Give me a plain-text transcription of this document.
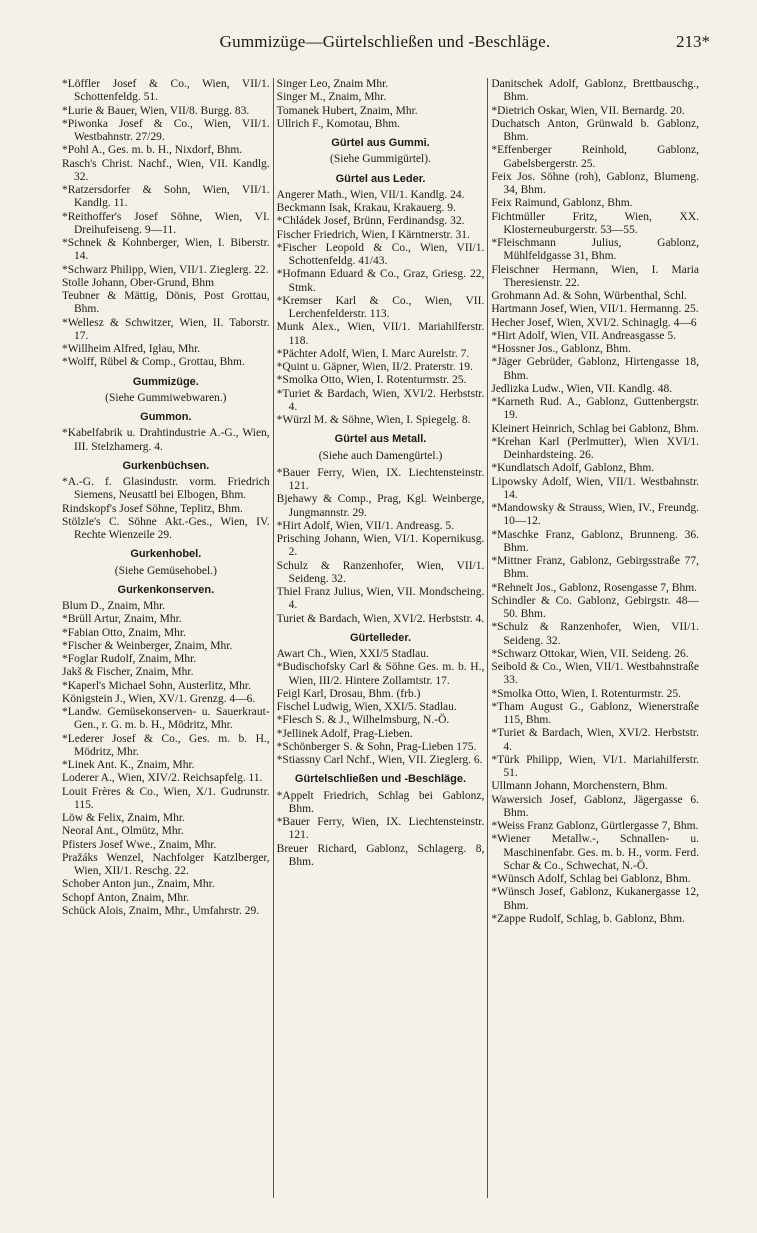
Gummizüge—Gürtelschließen und -Beschläge.	213*
*Löffler Josef & Co., Wien, VII/1. Schottenfeldg. 51.
*Lurie & Bauer, Wien, VII/8. Burgg. 83.
*Piwonka Josef & Co., Wien, VII/1. Westbahnstr. 27/29.
*Pohl A., Ges. m. b. H., Nixdorf, Bhm.
Rasch's Christ. Nachf., Wien, VII. Kandlg. 32.
*Ratzersdorfer & Sohn, Wien, VII/1. Kandlg. 11.
*Reithoffer's Josef Söhne, Wien, VI. Dreihufeiseng. 9—11.
*Schnek & Kohnberger, Wien, I. Biberstr. 14.
*Schwarz Philipp, Wien, VII/1. Zieglerg. 22.
Stolle Johann, Ober-Grund, Bhm
Teubner & Mättig, Dönis, Post Grottau, Bhm.
*Wellesz & Schwitzer, Wien, II. Taborstr. 17.
*Willheim Alfred, Iglau, Mhr.
*Wolff, Rübel & Comp., Grottau, Bhm.
Gummizüge.
(Siehe Gummiwebwaren.)
Gummon.
*Kabelfabrik u. Drahtindustrie A.-G., Wien, III. Stelzhamerg. 4.
Gurkenbüchsen.
*A.-G. f. Glasindustr. vorm. Friedrich Siemens, Neusattl bei Elbogen, Bhm.
Rindskopf's Josef Söhne, Teplitz, Bhm.
Stölzle's C. Söhne Akt.-Ges., Wien, IV. Rechte Wienzeile 29.
Gurkenhobel.
(Siehe Gemüsehobel.)
Gurkenkonserven.
Blum D., Znaim, Mhr.
*Brüll Artur, Znaim, Mhr.
*Fabian Otto, Znaim, Mhr.
*Fischer & Weinberger, Znaim, Mhr.
*Foglar Rudolf, Znaim, Mhr.
Jakš & Fischer, Znaim, Mhr.
*Kaperl's Michael Sohn, Austerlitz, Mhr.
Königstein J., Wien, XV/1. Grenzg. 4—6.
*Landw. Gemüsekonserven- u. Sauerkraut-Gen., r. G. m. b. H., Mödritz, Mhr.
*Lederer Josef & Co., Ges. m. b. H., Mödritz, Mhr.
*Linek Ant. K., Znaim, Mhr.
Loderer A., Wien, XIV/2. Reichsapfelg. 11.
Louit Frères & Co., Wien, X/1. Gudrunstr. 115.
Löw & Felix, Znaim, Mhr.
Neoral Ant., Olmütz, Mhr.
Pfisters Josef Wwe., Znaim, Mhr.
Pražáks Wenzel, Nachfolger Katzlberger, Wien, XII/1. Reschg. 22.
Schober Anton jun., Znaim, Mhr.
Schopf Anton, Znaim, Mhr.
Schück Alois, Znaim, Mhr., Umfahrstr. 29.
Singer Leo, Znaim Mhr.
Singer M., Znaim, Mhr.
Tomanek Hubert, Znaim, Mhr.
Ullrich F., Komotau, Bhm.
Gürtel aus Gummi.
(Siehe Gummigürtel).
Gürtel aus Leder.
Angerer Math., Wien, VII/1. Kandlg. 24.
Beckmann Isak, Krakau, Krakauerg. 9.
*Chládek Josef, Brünn, Ferdinandsg. 32.
Fischer Friedrich, Wien, I Kärntnerstr. 31.
*Fischer Leopold & Co., Wien, VII/1. Schottenfeldg. 41/43.
*Hofmann Eduard & Co., Graz, Griesg. 22, Stmk.
*Kremser Karl & Co., Wien, VII. Lerchenfelderstr. 113.
Munk Alex., Wien, VII/1. Mariahilferstr. 118.
*Pächter Adolf, Wien, I. Marc Aurelstr. 7.
*Quint u. Gäpner, Wien, II/2. Praterstr. 19.
*Smolka Otto, Wien, I. Rotenturmstr. 25.
*Turiet & Bardach, Wien, XVI/2. Herbststr. 4.
*Würzl M. & Söhne, Wien, I. Spiegelg. 8.
Gürtel aus Metall.
(Siehe auch Damengürtel.)
*Bauer Ferry, Wien, IX. Liechtensteinstr. 121.
Bjehawy & Comp., Prag, Kgl. Weinberge, Jungmannstr. 29.
*Hirt Adolf, Wien, VII/1. Andreasg. 5.
Prisching Johann, Wien, VI/1. Kopernikusg. 2.
Schulz & Ranzenhofer, Wien, VII/1. Seideng. 32.
Thiel Franz Julius, Wien, VII. Mondscheing. 4.
Turiet & Bardach, Wien, XVI/2. Herbststr. 4.
Gürtelleder.
Awart Ch., Wien, XXI/5 Stadlau.
*Budischofsky Carl & Söhne Ges. m. b. H., Wien, III/2. Hintere Zollamtstr. 17.
Feigl Karl, Drosau, Bhm. (frb.)
Fischel Ludwig, Wien, XXI/5. Stadlau.
*Flesch S. & J., Wilhelmsburg, N.-Ö.
*Jellinek Adolf, Prag-Lieben.
*Schönberger S. & Sohn, Prag-Lieben 175.
*Stiassny Carl Nchf., Wien, VII. Zieglerg. 6.
Gürtelschließen und -Beschläge.
*Appelt Friedrich, Schlag bei Gablonz, Bhm.
*Bauer Ferry, Wien, IX. Liechtensteinstr. 121.
Breuer Richard, Gablonz, Schlagerg. 8, Bhm.
Danitschek Adolf, Gablonz, Brettbauschg., Bhm.
*Dietrich Oskar, Wien, VII. Bernardg. 20.
Duchatsch Anton, Grünwald b. Gablonz, Bhm.
*Effenberger Reinhold, Gablonz, Gabelsbergerstr. 25.
Feix Jos. Söhne (roh), Gablonz, Blumeng. 34, Bhm.
Feix Raimund, Gablonz, Bhm.
Fichtmüller Fritz, Wien, XX. Klosterneuburgerstr. 53—55.
*Fleischmann Julius, Gablonz, Mühlfeldgasse 31, Bhm.
Fleischner Hermann, Wien, I. Maria Theresienstr. 22.
Grohmann Ad. & Sohn, Würbenthal, Schl.
Hartmann Josef, Wien, VII/1. Hermanng. 25.
Hecher Josef, Wien, XVI/2. Schinaglg. 4—6
*Hirt Adolf, Wien, VII. Andreasgasse 5.
*Hossner Jos., Gablonz, Bhm.
*Jäger Gebrüder, Gablonz, Hirtengasse 18, Bhm.
Jedlizka Ludw., Wien, VII. Kandlg. 48.
*Karneth Rud. A., Gablonz, Guttenbergstr. 19.
Kleinert Heinrich, Schlag bei Gablonz, Bhm.
*Krehan Karl (Perlmutter), Wien XVI/1. Deinhardsteing. 26.
*Kundlatsch Adolf, Gablonz, Bhm.
Lipowsky Adolf, Wien, VII/1. Westbahnstr. 14.
*Mandowsky & Strauss, Wien, IV., Freundg. 10—12.
*Maschke Franz, Gablonz, Brunneng. 36. Bhm.
*Mittner Franz, Gablonz, Gebirgsstraße 77, Bhm.
*Rehnelt Jos., Gablonz, Rosengasse 7, Bhm.
Schindler & Co. Gablonz, Gebirgstr. 48—50. Bhm.
*Schulz & Ranzenhofer, Wien, VII/1. Seideng. 32.
*Schwarz Ottokar, Wien, VII. Seideng. 26.
Seibold & Co., Wien, VII/1. Westbahnstraße 33.
*Smolka Otto, Wien, I. Rotenturmstr. 25.
*Tham August G., Gablonz, Wienerstraße 115, Bhm.
*Turiet & Bardach, Wien, XVI/2. Herbststr. 4.
*Türk Philipp, Wien, VI/1. Mariahilferstr. 51.
Ullmann Johann, Morchenstern, Bhm.
Wawersich Josef, Gablonz, Jägergasse 6. Bhm.
*Weiss Franz Gablonz, Gürtlergasse 7, Bhm.
*Wiener Metallw.-, Schnallen- u. Maschinenfabr. Ges. m. b. H., vorm. Ferd. Schar & Co., Schwechat, N.-Ö.
*Wünsch Adolf, Schlag bei Gablonz, Bhm.
*Wünsch Josef, Gablonz, Kukanergasse 12, Bhm.
*Zappe Rudolf, Schlag, b. Gablonz, Bhm.
